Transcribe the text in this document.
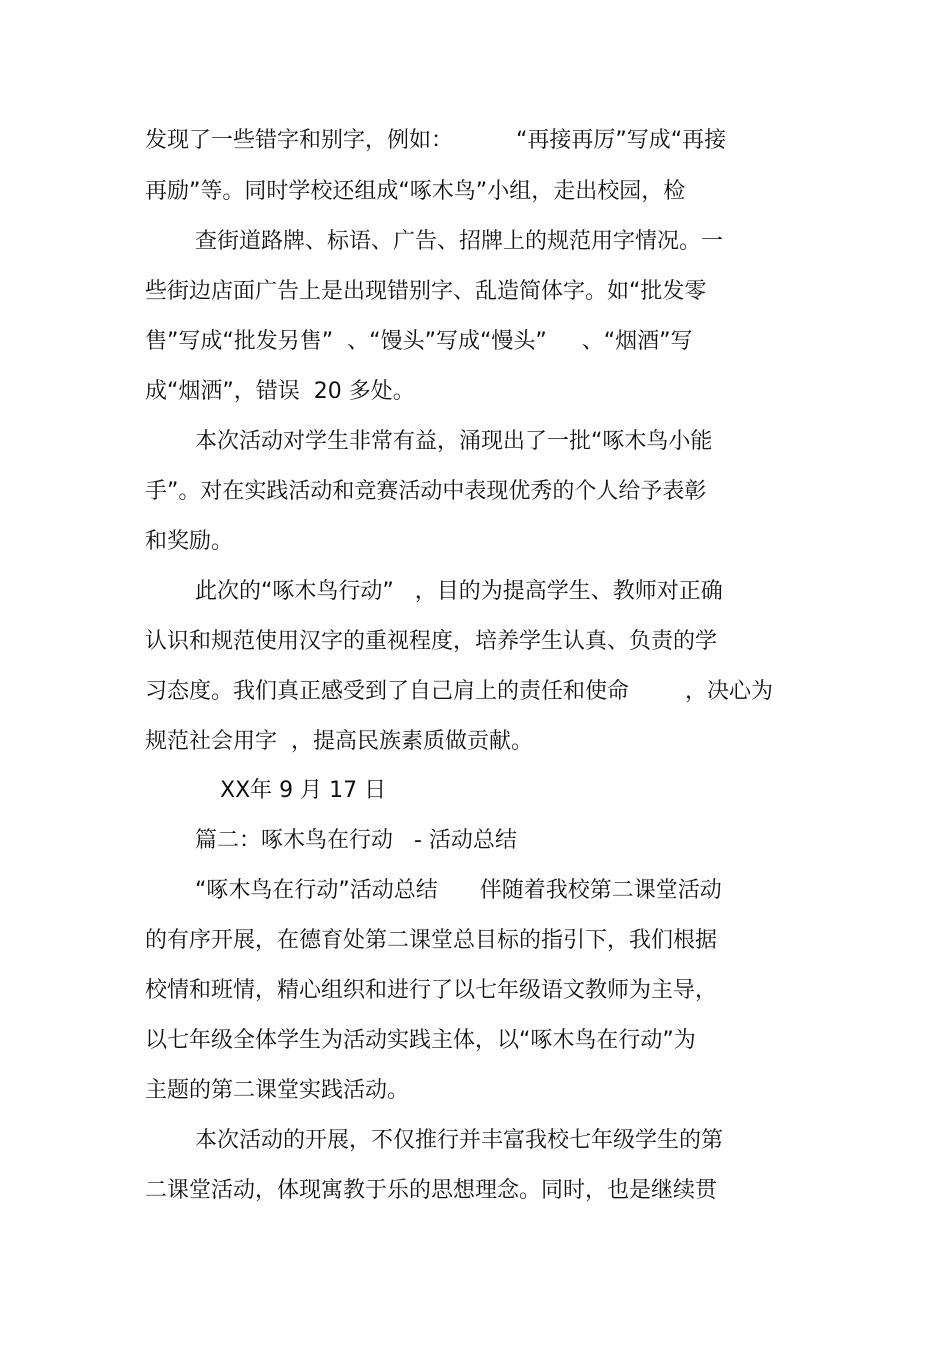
发现了一些错字和别字，例如：         “再接再厉”写成“再接
再励”等。同时学校还组成“啄木鸟”小组，走出校园，检
查街道路牌、标语、广告、招牌上的规范用字情况。一
些街边店面广告上是出现错别字、乱造简体字。如“批发零
售”写成“批发另售”  、“馒头”写成“慢头”     、“烟酒”写
成“烟洒”，错误  20 多处。
本次活动对学生非常有益，涌现出了一批“啄木鸟小能
手”。对在实践活动和竞赛活动中表现优秀的个人给予表彰
和奖励。
此次的“啄木鸟行动”   ，目的为提高学生、教师对正确
认识和规范使用汉字的重视程度，培养学生认真、负责的学
习态度。我们真正感受到了自己肩上的责任和使命        ，决心为
规范社会用字  ，提高民族素质做贡献。
XX年 9 月 17 日
篇二：啄木鸟在行动   - 活动总结
“啄木鸟在行动”活动总结      伴随着我校第二课堂活动
的有序开展，在德育处第二课堂总目标的指引下，我们根据
校情和班情，精心组织和进行了以七年级语文教师为主导，
以七年级全体学生为活动实践主体，以“啄木鸟在行动”为
主题的第二课堂实践活动。
本次活动的开展，不仅推行并丰富我校七年级学生的第
二课堂活动，体现寓教于乐的思想理念。同时，也是继续贯
